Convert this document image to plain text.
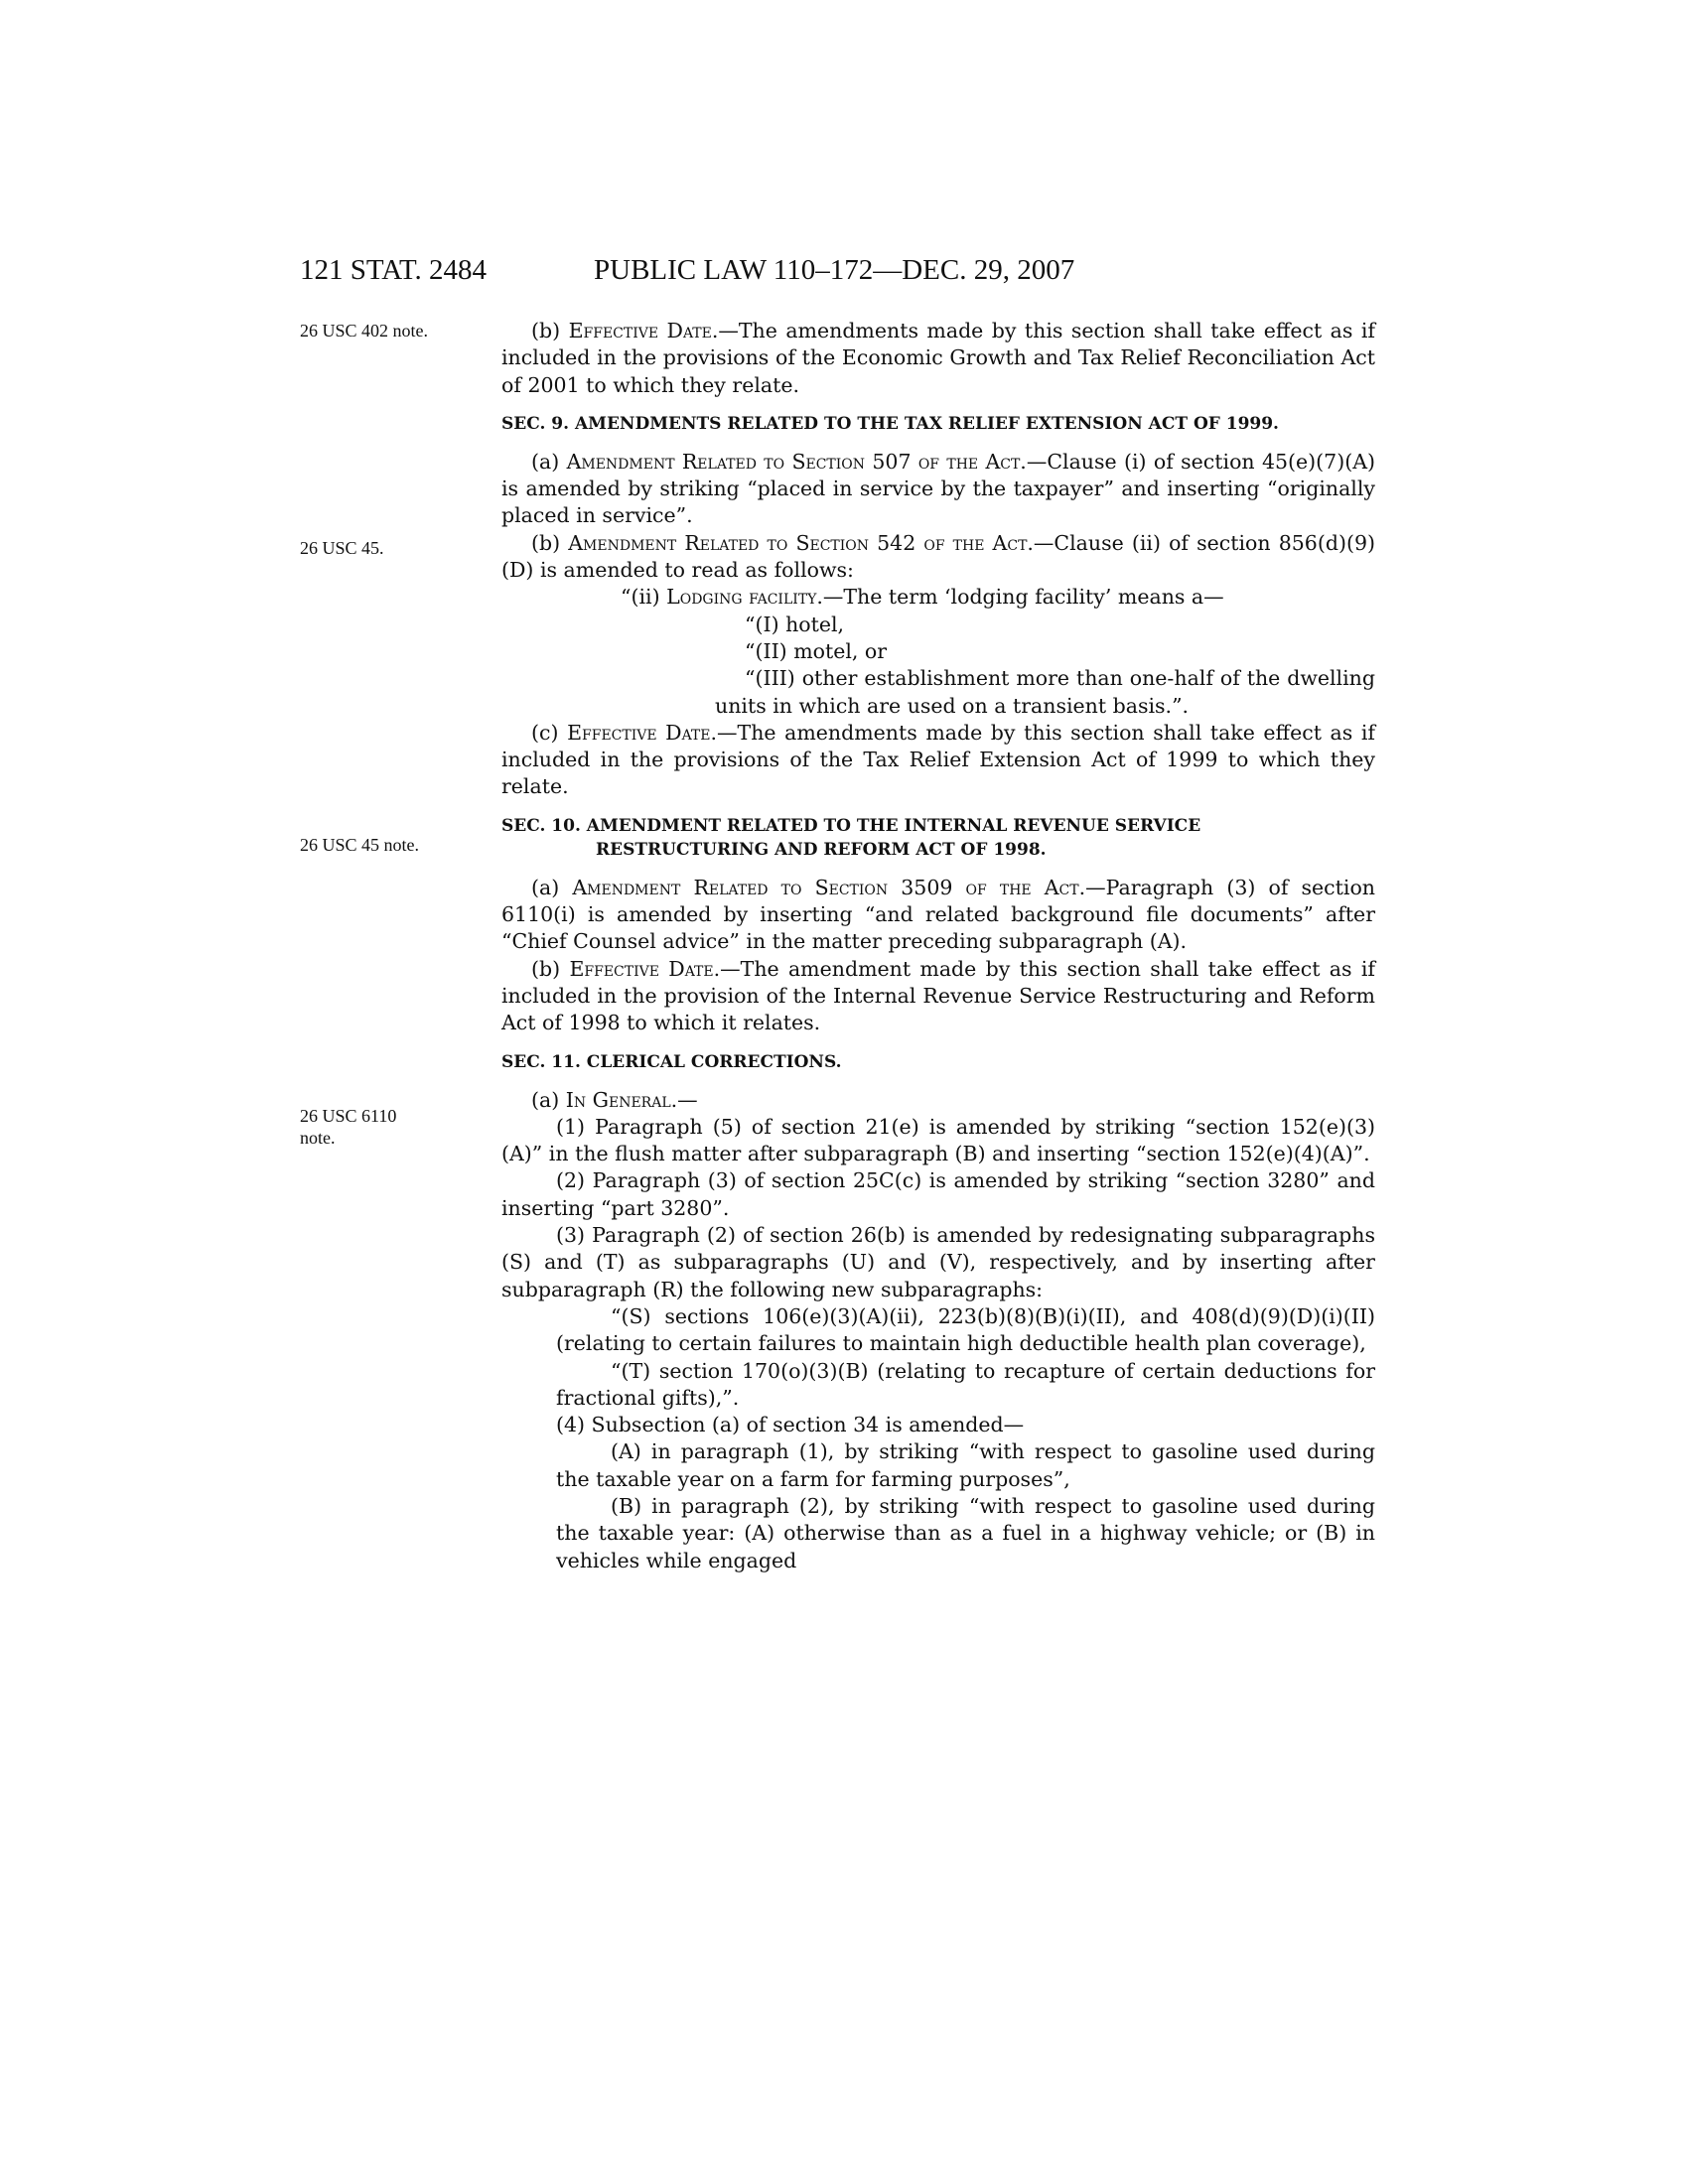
121 STAT. 2484	PUBLIC LAW 110–172—DEC. 29, 2007
26 USC 402 note.
26 USC 45.
26 USC 45 note.
26 USC 6110
note.

(b) Effective Date.—The amendments made by this section shall take effect as if included in the provisions of the Economic Growth and Tax Relief Reconciliation Act of 2001 to which they relate.

SEC. 9. AMENDMENTS RELATED TO THE TAX RELIEF EXTENSION ACT OF 1999.

(a) Amendment Related to Section 507 of the Act.—Clause (i) of section 45(e)(7)(A) is amended by striking “placed in service by the taxpayer” and inserting “originally placed in service”.

(b) Amendment Related to Section 542 of the Act.—Clause (ii) of section 856(d)(9)(D) is amended to read as follows:

“(ii) Lodging facility.—The term ‘lodging facility’ means a—

“(I) hotel,

“(II) motel, or

“(III) other establishment more than one-half of the dwelling units in which are used on a transient basis.”.

(c) Effective Date.—The amendments made by this section shall take effect as if included in the provisions of the Tax Relief Extension Act of 1999 to which they relate.

SEC. 10. AMENDMENT RELATED TO THE INTERNAL REVENUE SERVICE RESTRUCTURING AND REFORM ACT OF 1998.

(a) Amendment Related to Section 3509 of the Act.—Paragraph (3) of section 6110(i) is amended by inserting “and related background file documents” after “Chief Counsel advice” in the matter preceding subparagraph (A).

(b) Effective Date.—The amendment made by this section shall take effect as if included in the provision of the Internal Revenue Service Restructuring and Reform Act of 1998 to which it relates.

SEC. 11. CLERICAL CORRECTIONS.

(a) In General.—

(1) Paragraph (5) of section 21(e) is amended by striking “section 152(e)(3)(A)” in the flush matter after subparagraph (B) and inserting “section 152(e)(4)(A)”.

(2) Paragraph (3) of section 25C(c) is amended by striking “section 3280” and inserting “part 3280”.

(3) Paragraph (2) of section 26(b) is amended by redesignating subparagraphs (S) and (T) as subparagraphs (U) and (V), respectively, and by inserting after subparagraph (R) the following new subparagraphs:

“(S) sections 106(e)(3)(A)(ii), 223(b)(8)(B)(i)(II), and 408(d)(9)(D)(i)(II) (relating to certain failures to maintain high deductible health plan coverage),

“(T) section 170(o)(3)(B) (relating to recapture of certain deductions for fractional gifts),”.

(4) Subsection (a) of section 34 is amended—

(A) in paragraph (1), by striking “with respect to gasoline used during the taxable year on a farm for farming purposes”,

(B) in paragraph (2), by striking “with respect to gasoline used during the taxable year: (A) otherwise than as a fuel in a highway vehicle; or (B) in vehicles while engaged
